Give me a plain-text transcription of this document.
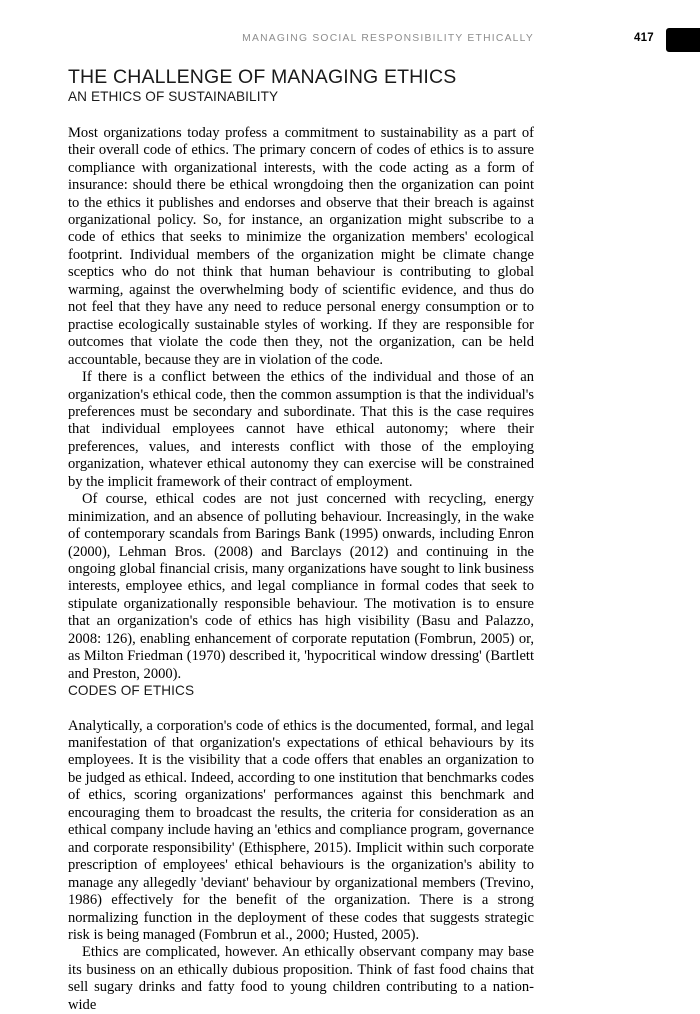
MANAGING SOCIAL RESPONSIBILITY ETHICALLY	417
THE CHALLENGE OF MANAGING ETHICS
AN ETHICS OF SUSTAINABILITY

Most organizations today profess a commitment to sustainability as a part of their overall code of ethics. The primary concern of codes of ethics is to assure compliance with organizational interests, with the code acting as a form of insurance: should there be ethical wrongdoing then the organization can point to the ethics it publishes and endorses and observe that their breach is against organizational policy. So, for instance, an organization might subscribe to a code of ethics that seeks to minimize the organization members' ecological footprint. Individual members of the organization might be climate change sceptics who do not think that human behaviour is contributing to global warming, against the overwhelming body of scientific evidence, and thus do not feel that they have any need to reduce personal energy consumption or to practise ecologically sustainable styles of working. If they are responsible for outcomes that violate the code then they, not the organization, can be held accountable, because they are in violation of the code.

If there is a conflict between the ethics of the individual and those of an organization's ethical code, then the common assumption is that the individual's preferences must be secondary and subordinate. That this is the case requires that individual employees cannot have ethical autonomy; where their preferences, values, and interests conflict with those of the employing organization, whatever ethical autonomy they can exercise will be constrained by the implicit framework of their contract of employment.

Of course, ethical codes are not just concerned with recycling, energy minimization, and an absence of polluting behaviour. Increasingly, in the wake of contemporary scandals from Barings Bank (1995) onwards, including Enron (2000), Lehman Bros. (2008) and Barclays (2012) and continuing in the ongoing global financial crisis, many organizations have sought to link business interests, employee ethics, and legal compliance in formal codes that seek to stipulate organizationally responsible behaviour. The motivation is to ensure that an organization's code of ethics has high visibility (Basu and Palazzo, 2008: 126), enabling enhancement of corporate reputation (Fombrun, 2005) or, as Milton Friedman (1970) described it, 'hypocritical window dressing' (Bartlett and Preston, 2000).

CODES OF ETHICS

Analytically, a corporation's code of ethics is the documented, formal, and legal manifestation of that organization's expectations of ethical behaviours by its employees. It is the visibility that a code offers that enables an organization to be judged as ethical. Indeed, according to one institution that benchmarks codes of ethics, scoring organizations' performances against this benchmark and encouraging them to broadcast the results, the criteria for consideration as an ethical company include having an 'ethics and compliance program, governance and corporate responsibility' (Ethisphere, 2015). Implicit within such corporate prescription of employees' ethical behaviours is the organization's ability to manage any allegedly 'deviant' behaviour by organizational members (Trevino, 1986) effectively for the benefit of the organization. There is a strong normalizing function in the deployment of these codes that suggests strategic risk is being managed (Fombrun et al., 2000; Husted, 2005).

Ethics are complicated, however. An ethically observant company may base its business on an ethically dubious proposition. Think of fast food chains that sell sugary drinks and fatty food to young children contributing to a nation-wide
